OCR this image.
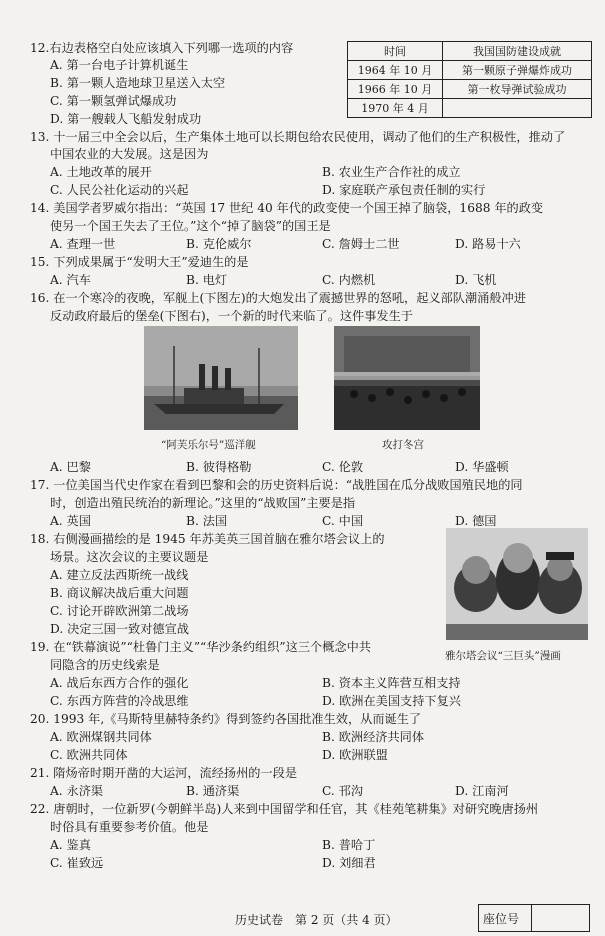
12.右边表格空白处应该填入下列哪一选项的内容
A. 第一台电子计算机诞生
B. 第一颗人造地球卫星送入太空
C. 第一颗氢弹试爆成功
D. 第一艘载人飞船发射成功
时间	我国国防建设成就
1964 年 10 月	第一颗原子弹爆炸成功
1966 年 10 月	第一枚导弹试验成功
1970 年 4 月	
13. 十一届三中全会以后，生产集体土地可以长期包给农民使用，调动了他们的生产积极性，推动了
中国农业的大发展。这是因为
A. 土地改革的展开	B. 农业生产合作社的成立
C. 人民公社化运动的兴起	D. 家庭联产承包责任制的实行
14. 美国学者罗威尔指出：“英国 17 世纪 40 年代的政变使一个国王掉了脑袋，1688 年的政变
使另一个国王失去了王位。”这个“掉了脑袋”的国王是
A. 查理一世	B. 克伦威尔	C. 詹姆士二世	D. 路易十六
15. 下列成果属于“发明大王”爱迪生的是
A. 汽车	B. 电灯	C. 内燃机	D. 飞机
16. 在一个寒冷的夜晚，军舰上(下图左)的大炮发出了震撼世界的怒吼，起义部队潮涌般冲进
反动政府最后的堡垒(下图右)，一个新的时代来临了。这件事发生于
“阿芙乐尔号”巡洋舰	攻打冬宫
A. 巴黎	B. 彼得格勒	C. 伦敦	D. 华盛顿
17. 一位美国当代史作家在看到巴黎和会的历史资料后说：“战胜国在瓜分战败国殖民地的同
时，创造出殖民统治的新理论。”这里的“战败国”主要是指
A. 英国	B. 法国	C. 中国	D. 德国
18. 右侧漫画描绘的是 1945 年苏美英三国首脑在雅尔塔会议上的
场景。这次会议的主要议题是
A. 建立反法西斯统一战线
B. 商议解决战后重大问题
C. 讨论开辟欧洲第二战场
D. 决定三国一致对德宣战
雅尔塔会议“三巨头”漫画
19. 在“铁幕演说”“杜鲁门主义”“华沙条约组织”这三个概念中共
同隐含的历史线索是
A. 战后东西方合作的强化	B. 资本主义阵营互相支持
C. 东西方阵营的冷战思维	D. 欧洲在美国支持下复兴
20. 1993 年,《马斯特里赫特条约》得到签约各国批准生效，从而诞生了
A. 欧洲煤钢共同体	B. 欧洲经济共同体
C. 欧洲共同体	D. 欧洲联盟
21. 隋炀帝时期开凿的大运河，流经扬州的一段是
A. 永济渠	B. 通济渠	C. 邗沟	D. 江南河
22. 唐朝时，一位新罗(今朝鲜半岛)人来到中国留学和任官，其《桂苑笔耕集》对研究晚唐扬州
时俗具有重要参考价值。他是
A. 鉴真	B. 普哈丁
C. 崔致远	D. 刘细君
历史试卷　第 2 页（共 4 页）	座位号
